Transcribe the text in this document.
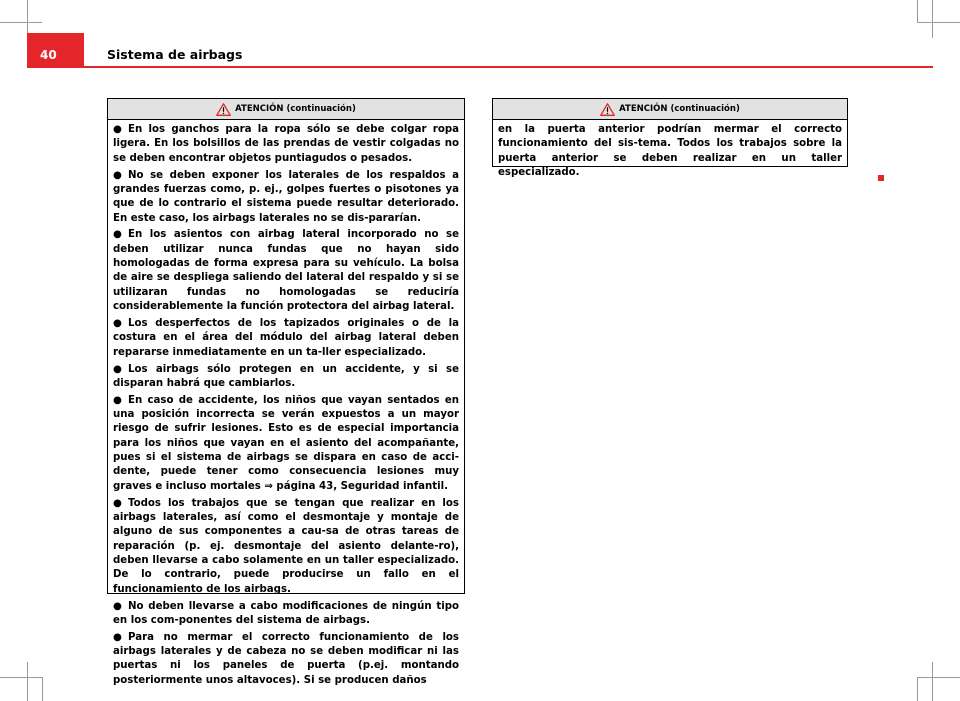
40	Sistema de airbags
ATENCIÓN (continuación)

● En los ganchos para la ropa sólo se debe colgar ropa ligera. En los bolsillos de las prendas de vestir colgadas no se deben encontrar objetos puntiagudos o pesados.

● No se deben exponer los laterales de los respaldos a grandes fuerzas como, p. ej., golpes fuertes o pisotones ya que de lo contrario el sistema puede resultar deteriorado. En este caso, los airbags laterales no se dis-pararían.

● En los asientos con airbag lateral incorporado no se deben utilizar nunca fundas que no hayan sido homologadas de forma expresa para su vehículo. La bolsa de aire se despliega saliendo del lateral del respaldo y si se utilizaran fundas no homologadas se reduciría considerablemente la función protectora del airbag lateral.

● Los desperfectos de los tapizados originales o de la costura en el área del módulo del airbag lateral deben repararse inmediatamente en un ta-ller especializado.

● Los airbags sólo protegen en un accidente, y si se disparan habrá que cambiarlos.

● En caso de accidente, los niños que vayan sentados en una posición incorrecta se verán expuestos a un mayor riesgo de sufrir lesiones. Esto es de especial importancia para los niños que vayan en el asiento del acompañante, pues si el sistema de airbags se dispara en caso de acci-dente, puede tener como consecuencia lesiones muy graves e incluso mortales ⇒ página 43, Seguridad infantil.

● Todos los trabajos que se tengan que realizar en los airbags laterales, así como el desmontaje y montaje de alguno de sus componentes a cau-sa de otras tareas de reparación (p. ej. desmontaje del asiento delante-ro), deben llevarse a cabo solamente en un taller especializado. De lo contrario, puede producirse un fallo en el funcionamiento de los airbags.

● No deben llevarse a cabo modificaciones de ningún tipo en los com-ponentes del sistema de airbags.

● Para no mermar el correcto funcionamiento de los airbags laterales y de cabeza no se deben modificar ni las puertas ni los paneles de puerta (p.ej. montando posteriormente unos altavoces). Si se producen daños

ATENCIÓN (continuación)

en la puerta anterior podrían mermar el correcto funcionamiento del sis-tema. Todos los trabajos sobre la puerta anterior se deben realizar en un taller especializado.
